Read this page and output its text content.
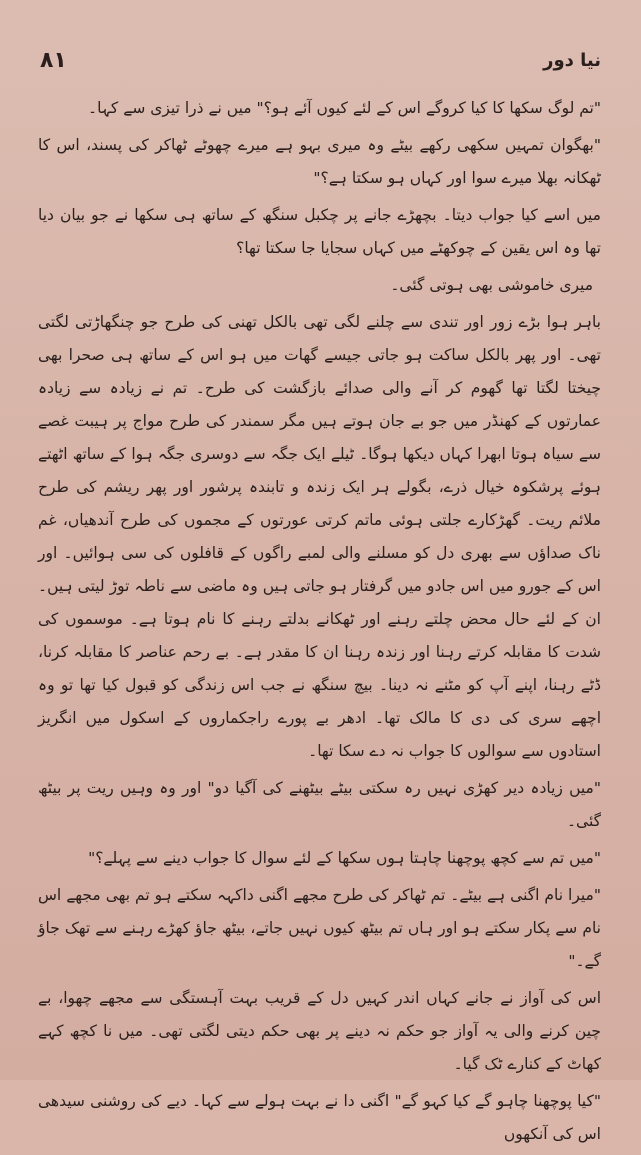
۸۱	نیا دور

"تم لوگ سکھا کا کیا کروگے اس کے لئے کیوں آئے ہو؟" میں نے ذرا تیزی سے کہا۔

"بھگوان تمہیں سکھی رکھے بیٹے وہ میری بہو ہے میرے چھوٹے ٹھاکر کی پسند، اس کا ٹھکانہ بھلا میرے سوا اور کہاں ہو سکتا ہے؟"

میں اسے کیا جواب دیتا۔ بچھڑے جانے پر چکبل سنگھ کے ساتھ ہی سکھا نے جو بیان دیا تھا وہ اس یقین کے چوکھٹے میں کہاں سجایا جا سکتا تھا؟

میری خاموشی بھی ہوتی گئی۔

باہر ہوا بڑے زور اور تندی سے چلنے لگی تھی بالکل تھنی کی طرح جو چنگھاڑتی لگتی تھی۔ اور پھر بالکل ساکت ہو جاتی جیسے گھات میں ہو اس کے ساتھ ہی صحرا بھی چیختا لگتا تھا گھوم کر آنے والی صدائے بازگشت کی طرح۔ تم نے زیادہ سے زیادہ عمارتوں کے کھنڈر میں جو بے جان ہوتے ہیں مگر سمندر کی طرح مواج پر ہیبت غصے سے سیاہ ہوتا ابھرا کہاں دیکھا ہوگا۔ ٹیلے ایک جگہ سے دوسری جگہ ہوا کے ساتھ اٹھتے ہوئے پرشکوہ خیال ذرے، بگولے ہر ایک زندہ و تابندہ پرشور اور پھر ریشم کی طرح ملائم ریت۔ گھڑکارے جلتی ہوئی ماتم کرتی عورتوں کے مجموں کی طرح آندھیاں، غم ناک صداؤں سے بھری دل کو مسلنے والی لمبے راگوں کے قافلوں کی سی ہوائیں۔ اور اس کے جورو میں اس جادو میں گرفتار ہو جاتی ہیں وہ ماضی سے ناطہ توڑ لیتی ہیں۔ ان کے لئے حال محض چلتے رہنے اور ٹھکانے بدلتے رہنے کا نام ہوتا ہے۔ موسموں کی شدت کا مقابلہ کرتے رہنا اور زندہ رہنا ان کا مقدر ہے۔ بے رحم عناصر کا مقابلہ کرنا، ڈٹے رہنا، اپنے آپ کو مٹنے نہ دینا۔ بیچ سنگھ نے جب اس زندگی کو قبول کیا تھا تو وہ اچھے سری کی دی کا مالک تھا۔ ادھر بے پورے راجکماروں کے اسکول میں انگریز استادوں سے سوالوں کا جواب نہ دے سکا تھا۔

"میں زیادہ دیر کھڑی نہیں رہ سکتی بیٹے بیٹھنے کی آگیا دو" اور وہ وہیں ریت پر بیٹھ گئی۔

"میں تم سے کچھ پوچھنا چاہتا ہوں سکھا کے لئے سوال کا جواب دینے سے پہلے؟"

"میرا نام اگنی ہے بیٹے۔ تم ٹھاکر کی طرح مجھے اگنی داکہہ سکتے ہو تم بھی مجھے اس نام سے پکار سکتے ہو اور ہاں تم بیٹھ کیوں نہیں جاتے، بیٹھ جاؤ کھڑے رہنے سے تھک جاؤ گے۔"

اس کی آواز نے جانے کہاں اندر کہیں دل کے قریب بہت آہستگی سے مجھے چھوا، بے چین کرنے والی یہ آواز جو حکم نہ دینے پر بھی حکم دیتی لگتی تھی۔ میں نا کچھ کہے کھاٹ کے کنارے ٹک گیا۔

"کیا پوچھنا چاہو گے کیا کہو گے" اگنی دا نے بہت ہولے سے کہا۔ دیے کی روشنی سیدھی اس کی آنکھوں
